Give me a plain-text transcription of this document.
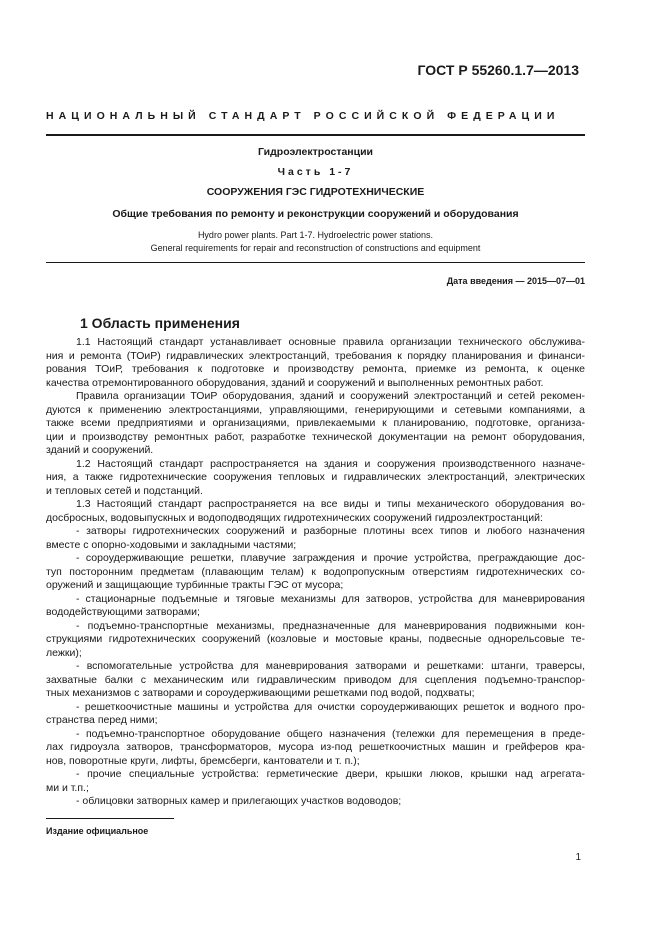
ГОСТ Р 55260.1.7—2013
НАЦИОНАЛЬНЫЙ СТАНДАРТ РОССИЙСКОЙ ФЕДЕРАЦИИ
Гидроэлектростанции
Часть 1-7
СООРУЖЕНИЯ ГЭС ГИДРОТЕХНИЧЕСКИЕ
Общие требования по ремонту и реконструкции сооружений и оборудования
Hydro power plants. Part 1-7. Hydroelectric power stations.
General requirements for repair and reconstruction of constructions and equipment
Дата введения — 2015—07—01
1 Область применения
1.1 Настоящий стандарт устанавливает основные правила организации технического обслужива-
ния и ремонта (ТОиР) гидравлических электростанций, требования к порядку планирования и финанси-
рования ТОиР, требования к подготовке и производству ремонта, приемке из ремонта, к оценке
качества отремонтированного оборудования, зданий и сооружений и выполненных ремонтных работ.
Правила организации ТОиР оборудования, зданий и сооружений электростанций и сетей рекомен-
дуются к применению электростанциями, управляющими, генерирующими и сетевыми компаниями, а
также всеми предприятиями и организациями, привлекаемыми к планированию, подготовке, организа-
ции и производству ремонтных работ, разработке технической документации на ремонт оборудования,
зданий и сооружений.
1.2 Настоящий стандарт распространяется на здания и сооружения производственного назначе-
ния, а также гидротехнические сооружения тепловых и гидравлических электростанций, электрических
и тепловых сетей и подстанций.
1.3 Настоящий стандарт распространяется на все виды и типы механического оборудования во-
досбросных, водовыпускных и водоподводящих гидротехнических сооружений гидроэлектростанций:
- затворы гидротехнических сооружений и разборные плотины всех типов и любого назначения
вместе с опорно-ходовыми и закладными частями;
- сороудерживающие решетки, плавучие заграждения и прочие устройства, преграждающие дос-
туп посторонним предметам (плавающим телам) к водопропускным отверстиям гидротехнических со-
оружений и защищающие турбинные тракты ГЭС от мусора;
- стационарные подъемные и тяговые механизмы для затворов, устройства для маневрирования
вододействующими затворами;
- подъемно-транспортные механизмы, предназначенные для маневрирования подвижными кон-
струкциями гидротехнических сооружений (козловые и мостовые краны, подвесные однорельсовые те-
лежки);
- вспомогательные устройства для маневрирования затворами и решетками: штанги, траверсы,
захватные балки с механическим или гидравлическим приводом для сцепления подъемно-транспор-
тных механизмов с затворами и сороудерживающими решетками под водой, подхваты;
- решеткоочистные машины и устройства для очистки сороудерживающих решеток и водного про-
странства перед ними;
- подъемно-транспортное оборудование общего назначения (тележки для перемещения в преде-
лах гидроузла затворов, трансформаторов, мусора из-под решеткоочистных машин и грейферов кра-
нов, поворотные круги, лифты, бремсберги, кантователи и т. п.);
- прочие специальные устройства: герметические двери, крышки люков, крышки над агрегата-
ми и т.п.;
- облицовки затворных камер и прилегающих участков водоводов;
Издание официальное
1
